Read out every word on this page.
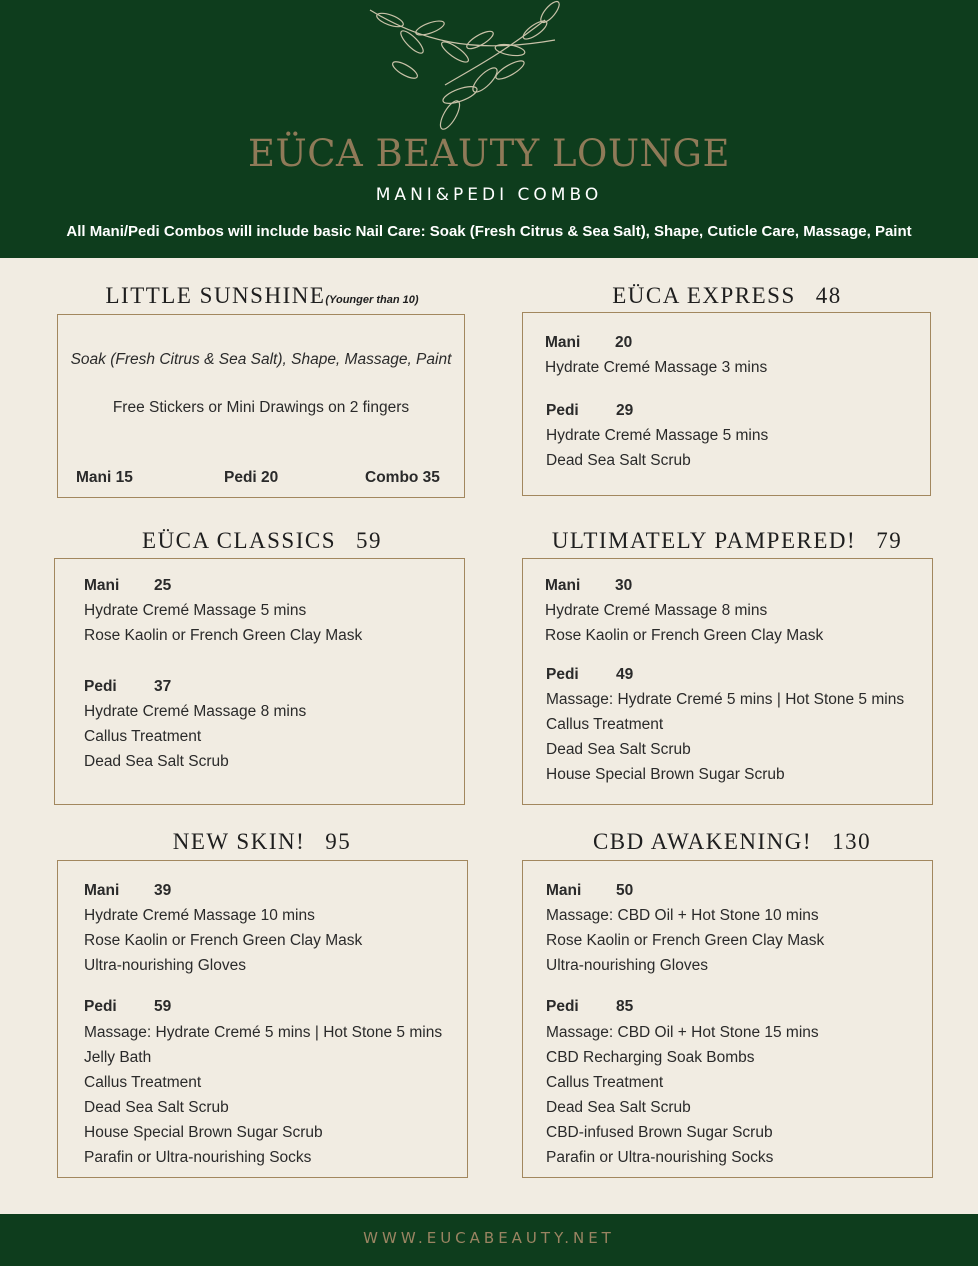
EÜCA BEAUTY LOUNGE
MANI&PEDI COMBO
All Mani/Pedi Combos will include basic Nail Care: Soak (Fresh Citrus & Sea Salt), Shape, Cuticle Care, Massage, Paint
LITTLE SUNSHINE(Younger than 10)
Soak (Fresh Citrus & Sea Salt), Shape, Massage, Paint
Free Stickers or Mini Drawings on 2 fingers
Mani 15	Pedi 20	Combo 35
EÜCA EXPRESS 48
Mani 20
Hydrate Cremé Massage 3 mins
Pedi 29
Hydrate Cremé Massage 5 mins
Dead Sea Salt Scrub
EÜCA CLASSICS 59
Mani 25
Hydrate Cremé Massage 5 mins
Rose Kaolin or French Green Clay Mask
Pedi 37
Hydrate Cremé Massage 8 mins
Callus Treatment
Dead Sea Salt Scrub
ULTIMATELY PAMPERED! 79
Mani 30
Hydrate Cremé Massage 8 mins
Rose Kaolin or French Green Clay Mask
Pedi 49
Massage: Hydrate Cremé 5 mins | Hot Stone 5 mins
Callus Treatment
Dead Sea Salt Scrub
House Special Brown Sugar Scrub
NEW SKIN! 95
Mani 39
Hydrate Cremé Massage 10 mins
Rose Kaolin or French Green Clay Mask
Ultra-nourishing Gloves
Pedi 59
Massage: Hydrate Cremé 5 mins | Hot Stone 5 mins
Jelly Bath
Callus Treatment
Dead Sea Salt Scrub
House Special Brown Sugar Scrub
Parafin or Ultra-nourishing Socks
CBD AWAKENING! 130
Mani 50
Massage: CBD Oil + Hot Stone 10 mins
Rose Kaolin or French Green Clay Mask
Ultra-nourishing Gloves
Pedi 85
Massage: CBD Oil + Hot Stone 15 mins
CBD Recharging Soak Bombs
Callus Treatment
Dead Sea Salt Scrub
CBD-infused Brown Sugar Scrub
Parafin or Ultra-nourishing Socks
WWW.EUCABEAUTY.NET
